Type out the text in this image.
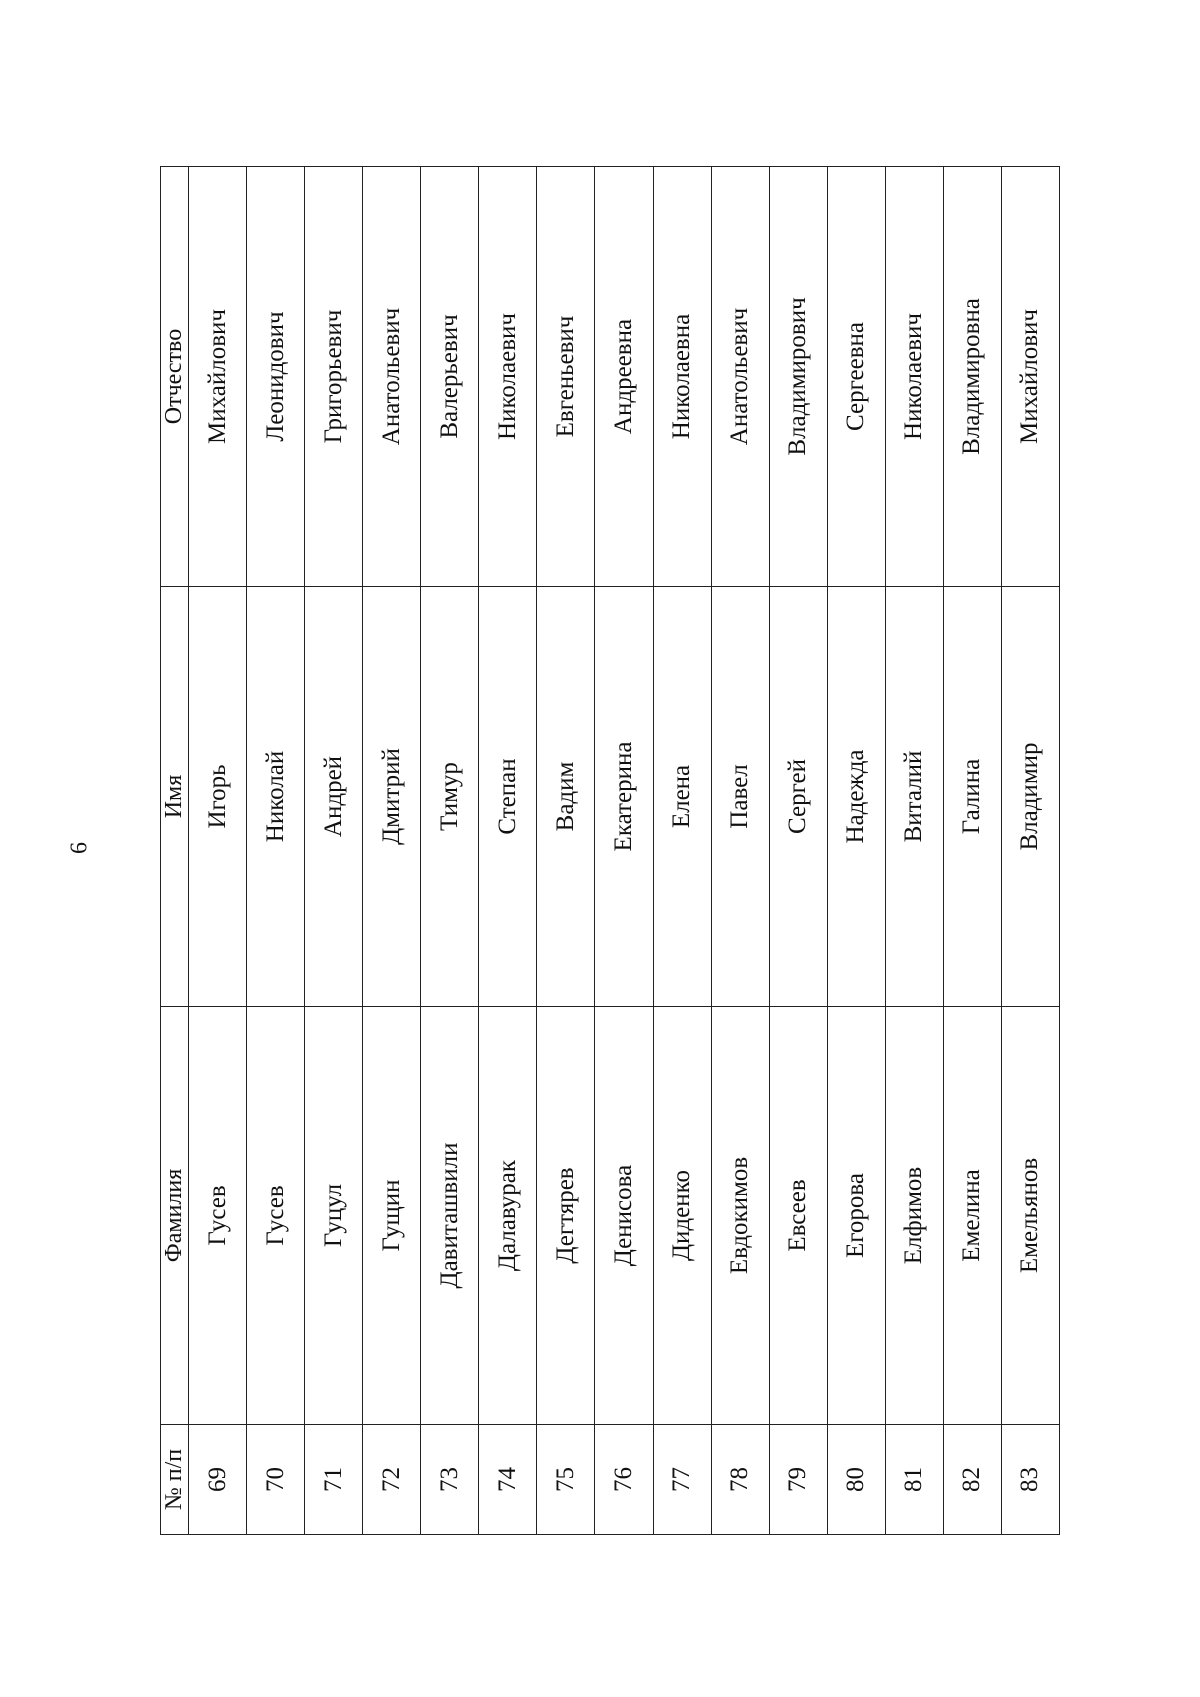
6
№ п/п	Фамилия	Имя	Отчество
69	Гусев	Игорь	Михайлович
70	Гусев	Николай	Леонидович
71	Гуцул	Андрей	Григорьевич
72	Гущин	Дмитрий	Анатольевич
73	Давиташвили	Тимур	Валерьевич
74	Далавурак	Степан	Николаевич
75	Дегтярев	Вадим	Евгеньевич
76	Денисова	Екатерина	Андреевна
77	Диденко	Елена	Николаевна
78	Евдокимов	Павел	Анатольевич
79	Евсеев	Сергей	Владимирович
80	Егорова	Надежда	Сергеевна
81	Елфимов	Виталий	Николаевич
82	Емелина	Галина	Владимировна
83	Емельянов	Владимир	Михайлович
